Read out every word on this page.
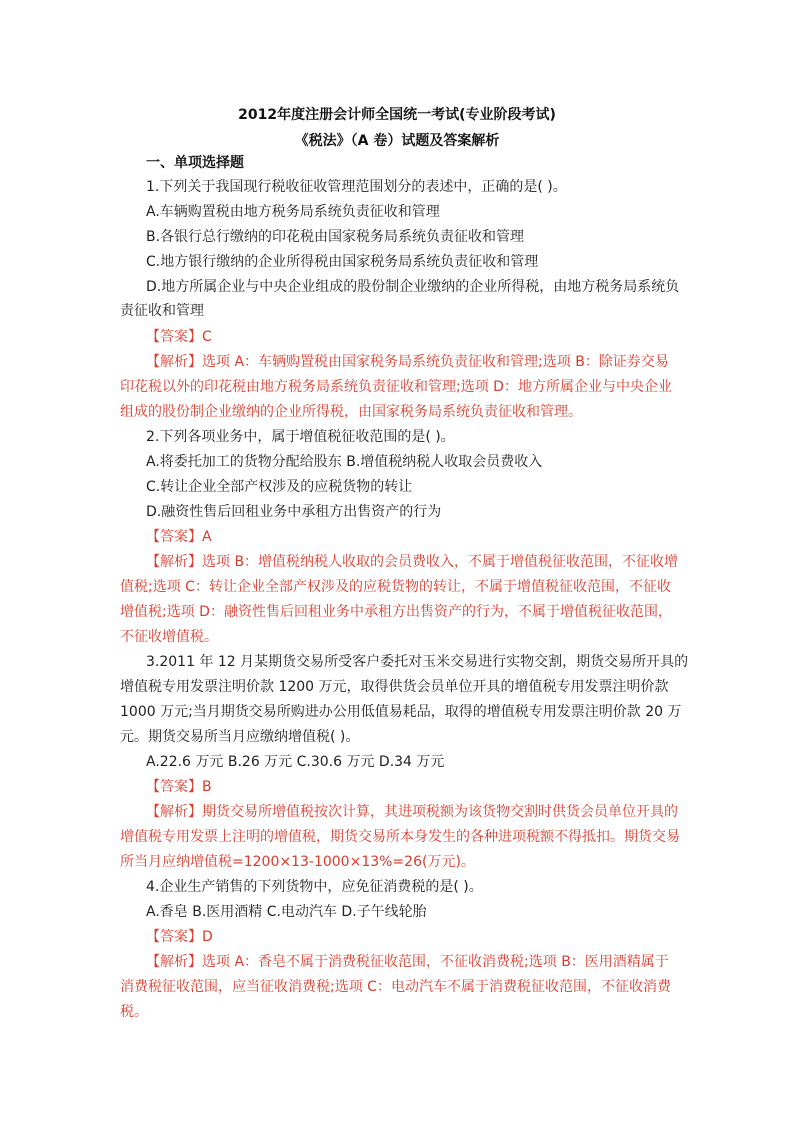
2012年度注册会计师全国统一考试(专业阶段考试)
《税法》（A 卷）试题及答案解析
一、单项选择题
1.下列关于我国现行税收征收管理范围划分的表述中，正确的是( )。
A.车辆购置税由地方税务局系统负责征收和管理
B.各银行总行缴纳的印花税由国家税务局系统负责征收和管理
C.地方银行缴纳的企业所得税由国家税务局系统负责征收和管理
D.地方所属企业与中央企业组成的股份制企业缴纳的企业所得税，由地方税务局系统负
责征收和管理
【答案】C
【解析】选项 A：车辆购置税由国家税务局系统负责征收和管理;选项 B：除证券交易
印花税以外的印花税由地方税务局系统负责征收和管理;选项 D：地方所属企业与中央企业
组成的股份制企业缴纳的企业所得税，由国家税务局系统负责征收和管理。
2.下列各项业务中，属于增值税征收范围的是( )。
A.将委托加工的货物分配给股东 B.增值税纳税人收取会员费收入
C.转让企业全部产权涉及的应税货物的转让
D.融资性售后回租业务中承租方出售资产的行为
【答案】A
【解析】选项 B：增值税纳税人收取的会员费收入，不属于增值税征收范围，不征收增
值税;选项 C：转让企业全部产权涉及的应税货物的转让，不属于增值税征收范围，不征收
增值税;选项 D：融资性售后回租业务中承租方出售资产的行为，不属于增值税征收范围，
不征收增值税。
3.2011 年 12 月某期货交易所受客户委托对玉米交易进行实物交割，期货交易所开具的
增值税专用发票注明价款 1200 万元，取得供货会员单位开具的增值税专用发票注明价款
1000 万元;当月期货交易所购进办公用低值易耗品，取得的增值税专用发票注明价款 20 万
元。期货交易所当月应缴纳增值税( )。
A.22.6 万元 B.26 万元 C.30.6 万元 D.34 万元
【答案】B
【解析】期货交易所增值税按次计算，其进项税额为该货物交割时供货会员单位开具的
增值税专用发票上注明的增值税，期货交易所本身发生的各种进项税额不得抵扣。期货交易
所当月应纳增值税=1200×13-1000×13%=26(万元)。
4.企业生产销售的下列货物中，应免征消费税的是( )。
A.香皂 B.医用酒精 C.电动汽车 D.子午线轮胎
【答案】D
【解析】选项 A：香皂不属于消费税征收范围，不征收消费税;选项 B：医用酒精属于
消费税征收范围，应当征收消费税;选项 C：电动汽车不属于消费税征收范围，不征收消费
税。
